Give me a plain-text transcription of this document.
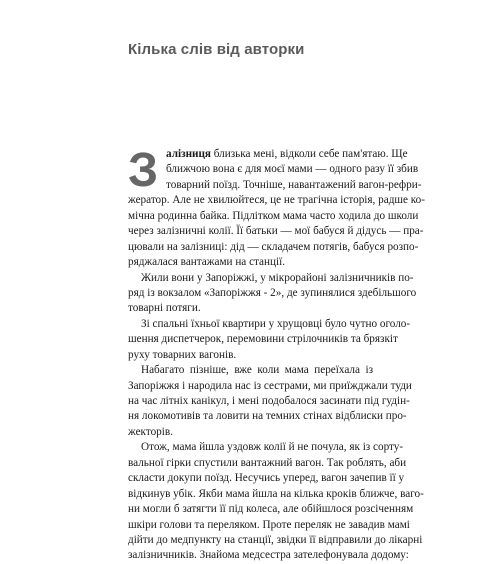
Кілька слів від авторки
З алізниця близька мені, відколи себе пам'ятаю. Ще
ближчою вона є для моєї мами — одного разу її збив
товарний поїзд. Точніше, навантажений вагон-рефри-
жератор. Але не хвилюйтеся, це не трагічна історія, радше ко-
мічна родинна байка. Підлітком мама часто ходила до школи
через залізничні колії. Її батьки — мої бабуся й дідусь — пра-
цювали на залізниці: дід — складачем потягів, бабуся розпо-
ряджалася вантажами на станції.
Жили вони у Запоріжжі, у мікрорайоні залізничників по-
ряд із вокзалом «Запоріжжя - 2», де зупинялися здебільшого
товарні потяги.
Зі спальні їхньої квартири у хрущовці було чутно оголо-
шення диспетчерок, перемовини стрілочників та брязкіт
руху товарних вагонів.
Набагато пізніше, вже коли мама переїхала із
Запоріжжя і народила нас із сестрами, ми приїжджали туди
на час літніх канікул, і мені подобалося засинати під гудін-
ня локомотивів та ловити на темних стінах відблиски про-
жекторів.
Отож, мама йшла уздовж колії й не почула, як із сорту-
вальної гірки спустили вантажний вагон. Так роблять, аби
скласти докупи поїзд. Несучись уперед, вагон зачепив її у
відкинув убік. Якби мама йшла на кілька кроків ближче, ваго-
ни могли б затягти її під колеса, але обійшлося розсіченням
шкіри голови та переляком. Проте переляк не завадив мамі
дійти до медпункту на станції, звідки її відправили до лікарні
залізничників. Знайома медсестра зателефонувала додому:
